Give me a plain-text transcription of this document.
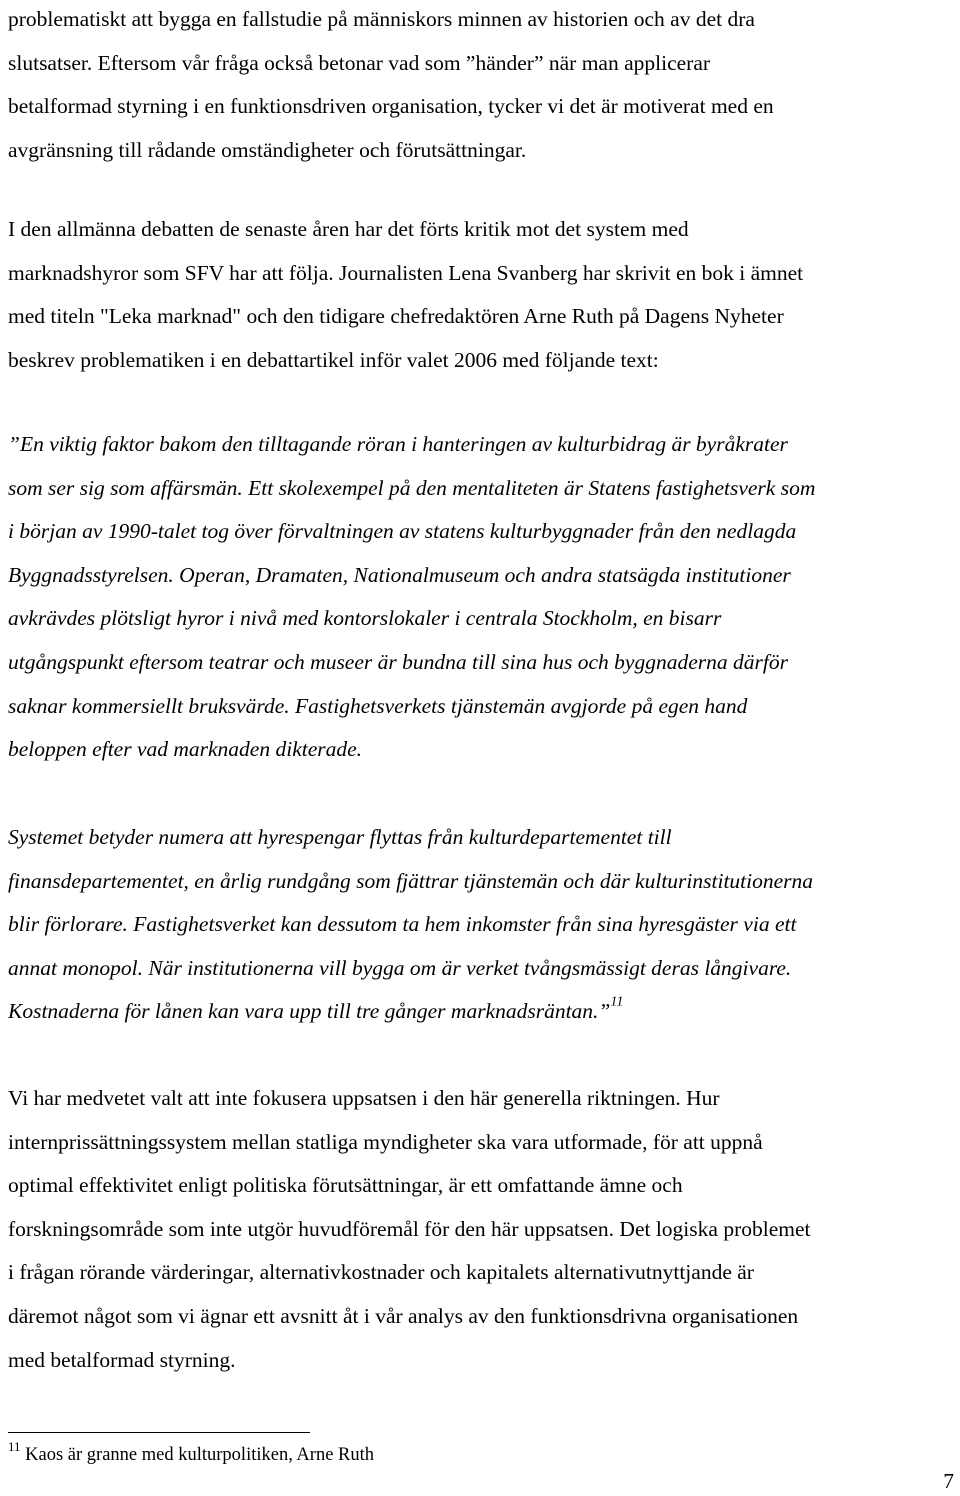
problematiskt att bygga en fallstudie på människors minnen av historien och av det dra
slutsatser. Eftersom vår fråga också betonar vad som ”händer” när man applicerar
betalformad styrning i en funktionsdriven organisation, tycker vi det är motiverat med en
avgränsning till rådande omständigheter och förutsättningar.

I den allmänna debatten de senaste åren har det förts kritik mot det system med
marknadshyror som SFV har att följa. Journalisten Lena Svanberg har skrivit en bok i ämnet
med titeln "Leka marknad" och den tidigare chefredaktören Arne Ruth på Dagens Nyheter
beskrev problematiken i en debattartikel inför valet 2006 med följande text:

”En viktig faktor bakom den tilltagande röran i hanteringen av kulturbidrag är byråkrater
som ser sig som affärsmän. Ett skolexempel på den mentaliteten är Statens fastighetsverk som
i början av 1990-talet tog över förvaltningen av statens kulturbyggnader från den nedlagda
Byggnadsstyrelsen. Operan, Dramaten, Nationalmuseum och andra statsägda institutioner
avkrävdes plötsligt hyror i nivå med kontorslokaler i centrala Stockholm, en bisarr
utgångspunkt eftersom teatrar och museer är bundna till sina hus och byggnaderna därför
saknar kommersiellt bruksvärde. Fastighetsverkets tjänstemän avgjorde på egen hand
beloppen efter vad marknaden dikterade.

Systemet betyder numera att hyrespengar flyttas från kulturdepartementet till
finansdepartementet, en årlig rundgång som fjättrar tjänstemän och där kulturinstitutionerna
blir förlorare. Fastighetsverket kan dessutom ta hem inkomster från sina hyresgäster via ett
annat monopol. När institutionerna vill bygga om är verket tvångsmässigt deras långivare.
Kostnaderna för lånen kan vara upp till tre gånger marknadsräntan.”$^{11}$

Vi har medvetet valt att inte fokusera uppsatsen i den här generella riktningen. Hur
internprissättningssystem mellan statliga myndigheter ska vara utformade, för att uppnå
optimal effektivitet enligt politiska förutsättningar, är ett omfattande ämne och
forskningsområde som inte utgör huvudföremål för den här uppsatsen. Det logiska problemet
i frågan rörande värderingar, alternativkostnader och kapitalets alternativutnyttjande är
däremot något som vi ägnar ett avsnitt åt i vår analys av den funktionsdrivna organisationen
med betalformad styrning.

$^{11}$ Kaos är granne med kulturpolitiken, Arne Ruth
7
